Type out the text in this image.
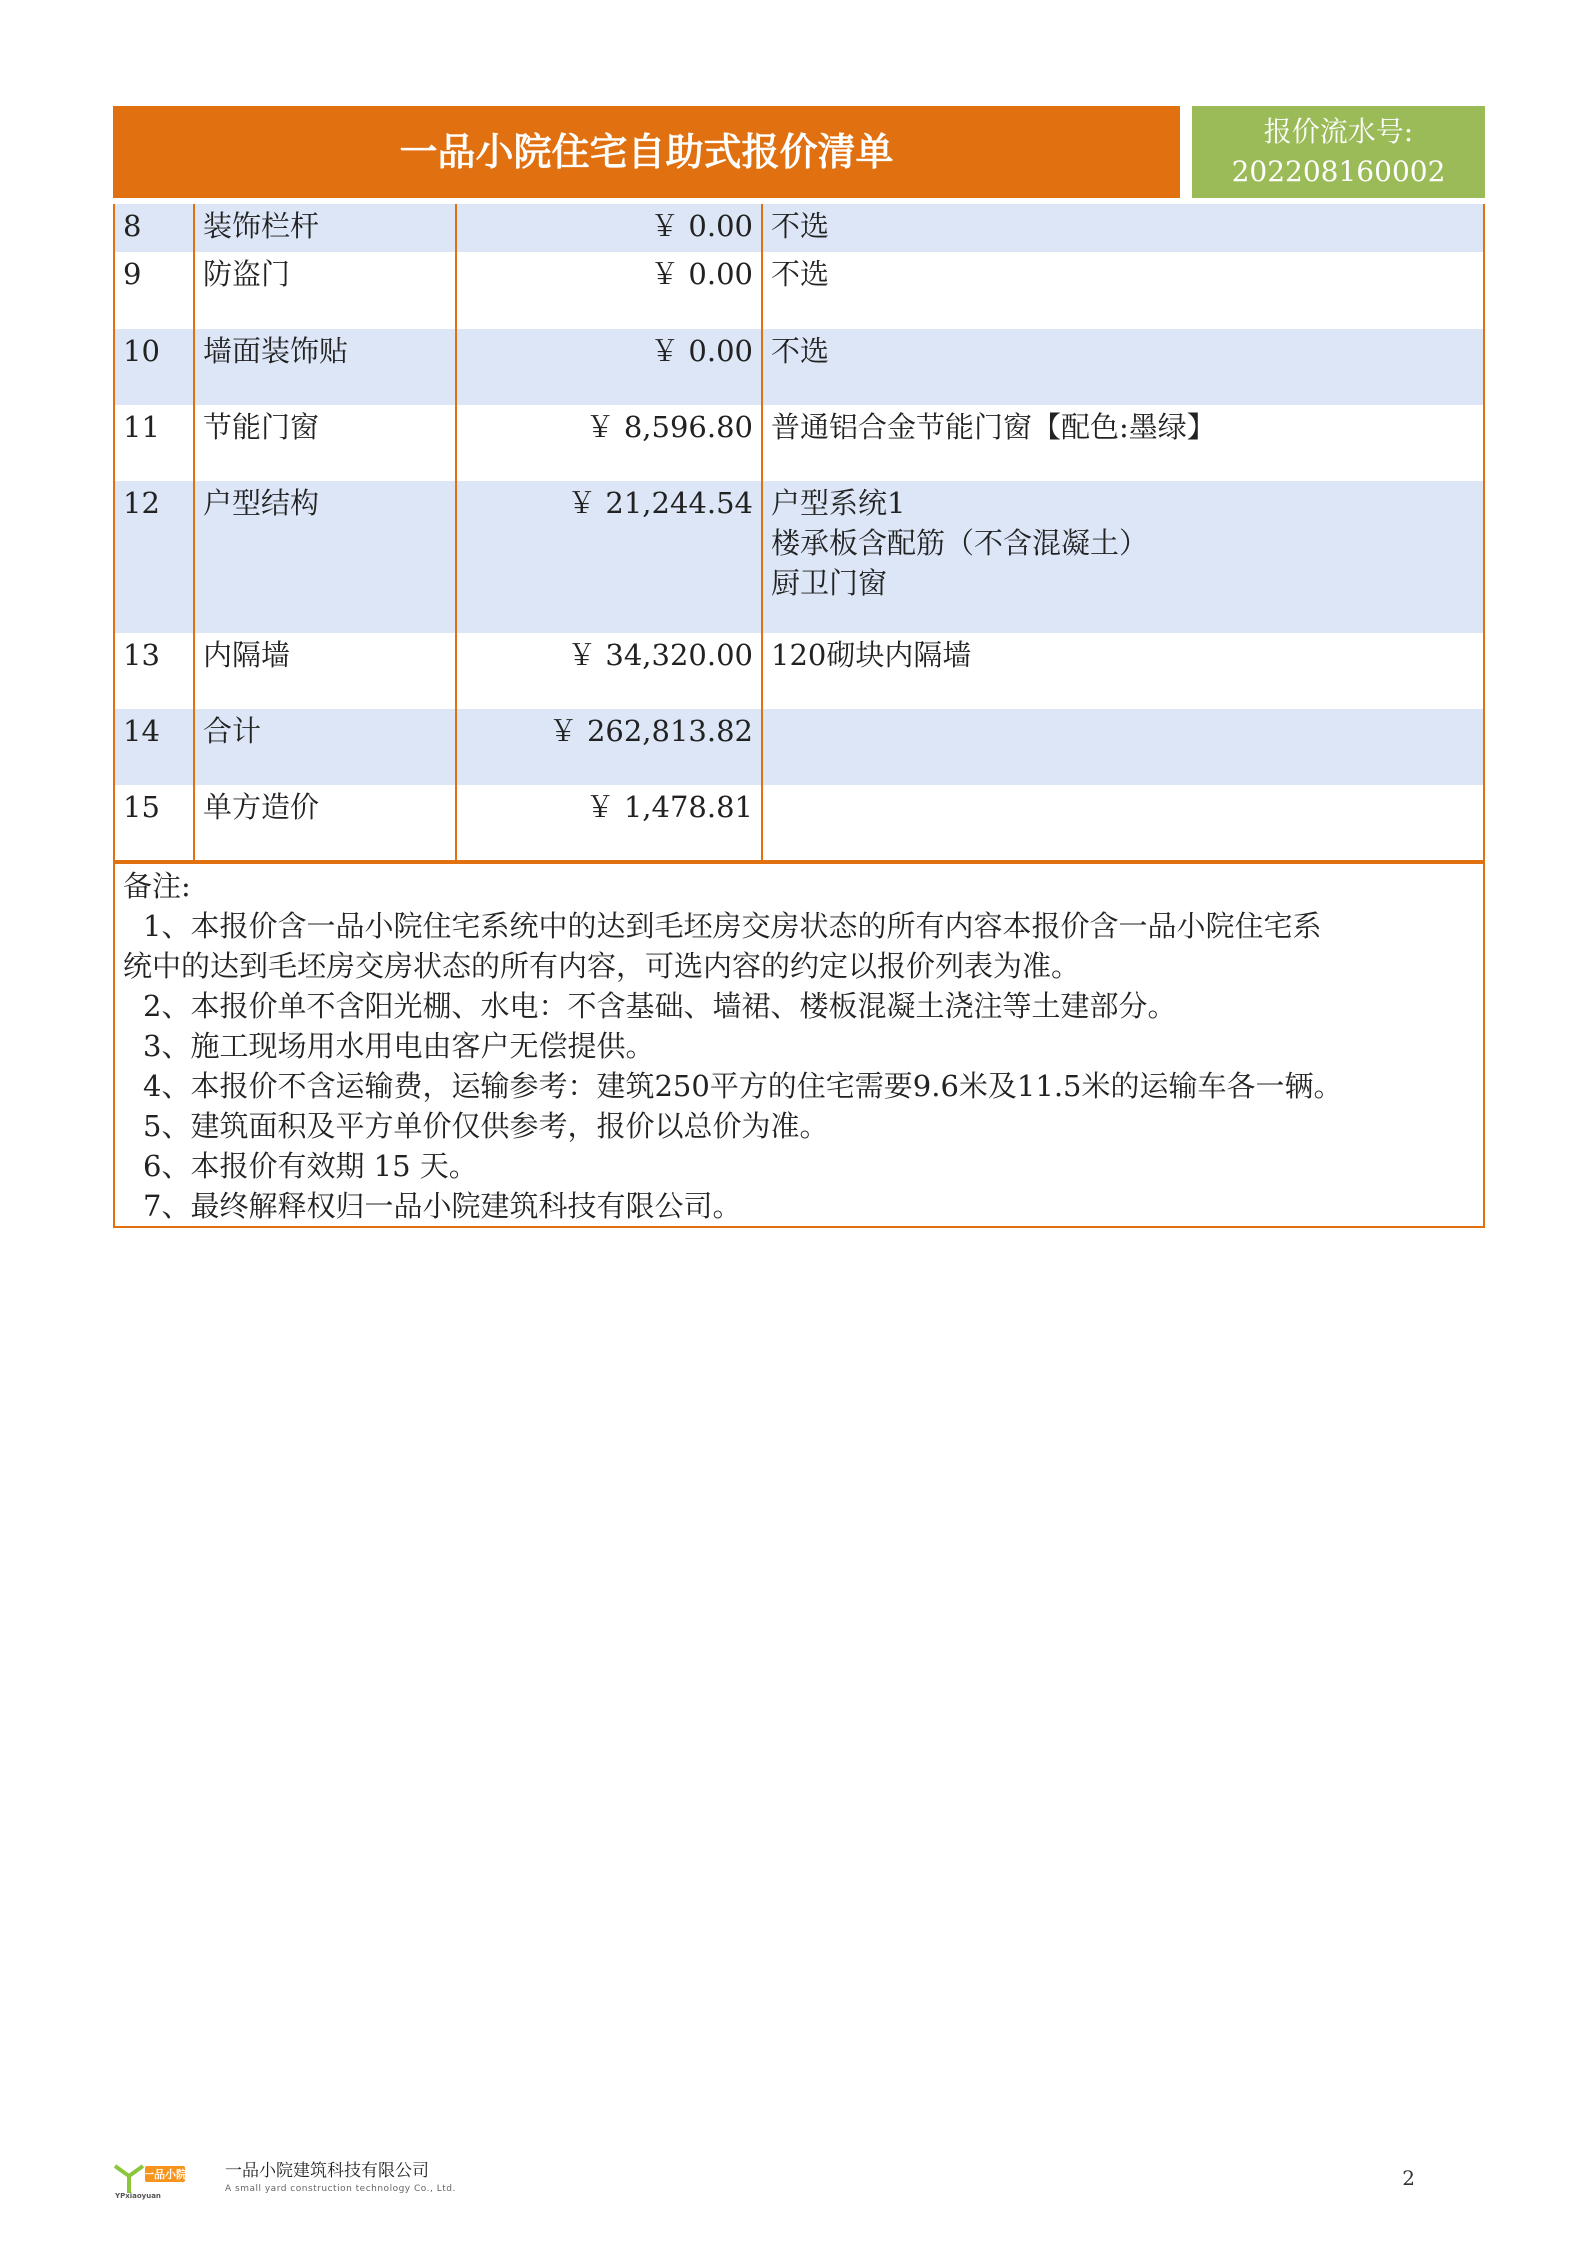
一品小院住宅自助式报价清单	报价流水号:
202208160002
8	装饰栏杆	￥ 0.00	不选

9	防盗门	￥ 0.00	不选

10	墙面装饰贴	￥ 0.00	不选

11	节能门窗	￥ 8,596.80	普通铝合金节能门窗【配色:墨绿】

12	户型结构	￥ 21,244.54	户型系统1
楼承板含配筋（不含混凝土）
厨卫门窗

13	内隔墙	￥ 34,320.00	120砌块内隔墙

14	合计	￥ 262,813.82	
15	单方造价	￥ 1,478.81	
备注:
1、本报价含一品小院住宅系统中的达到毛坯房交房状态的所有内容本报价含一品小院住宅系
统中的达到毛坯房交房状态的所有内容，可选内容的约定以报价列表为准。
2、本报价单不含阳光棚、水电：不含基础、墙裙、楼板混凝土浇注等土建部分。
3、施工现场用水用电由客户无偿提供。
4、本报价不含运输费，运输参考：建筑250平方的住宅需要9.6米及11.5米的运输车各一辆。
5、建筑面积及平方单价仅供参考，报价以总价为准。
6、本报价有效期 15 天。
7、最终解释权归一品小院建筑科技有限公司。
一品小院
YPxiaoyuan
一品小院建筑科技有限公司
A small yard construction technology Co., Ltd.	2
